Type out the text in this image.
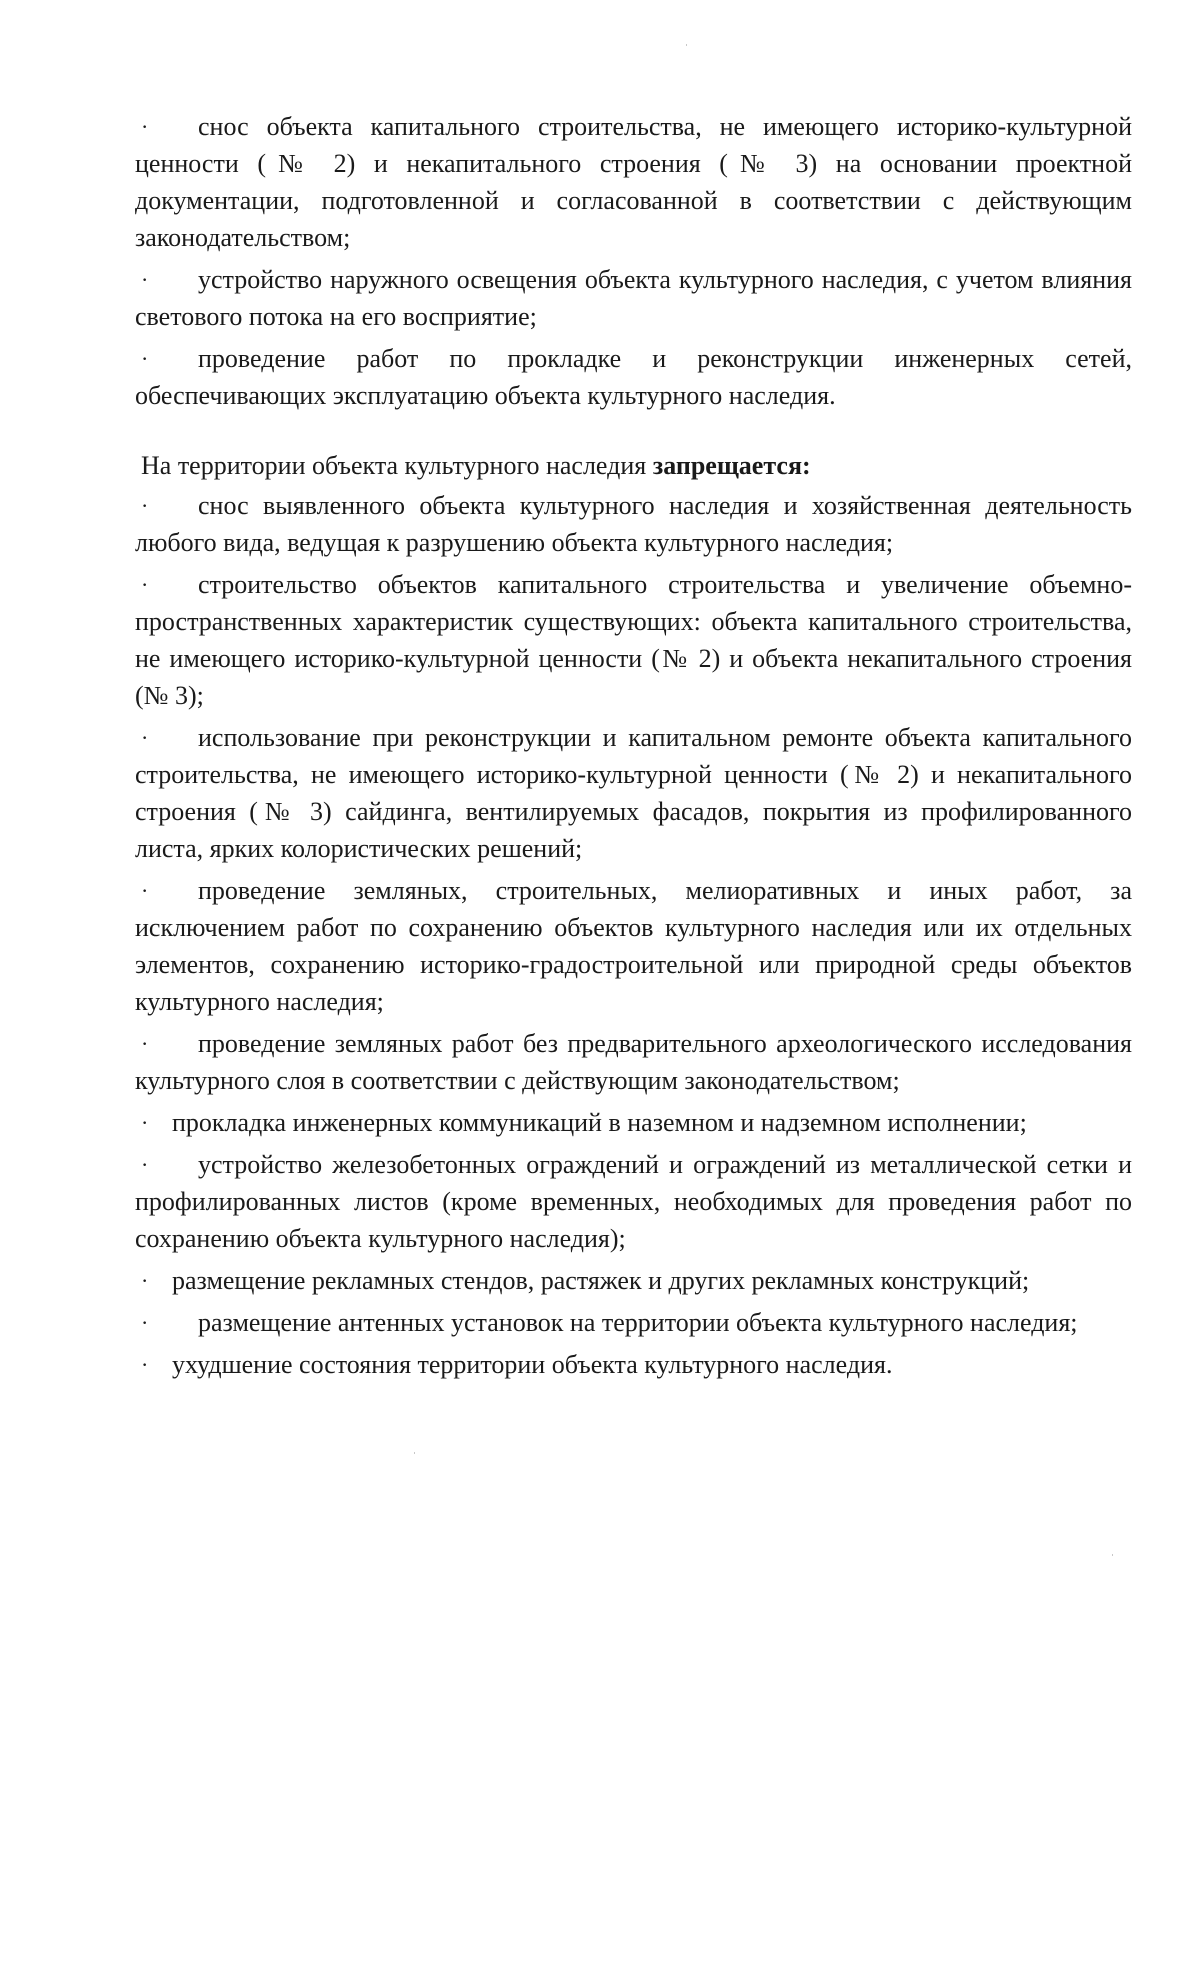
· снос объекта капитального строительства, не имеющего историко-культурной ценности (№ 2) и некапитального строения (№ 3) на основании проектной документации, подготовленной и согласованной в соответствии с действующим законодательством;

· устройство наружного освещения объекта культурного наследия, с учетом влияния светового потока на его восприятие;

· проведение работ по прокладке и реконструкции инженерных сетей, обеспечивающих эксплуатацию объекта культурного наследия.

На территории объекта культурного наследия запрещается:

· снос выявленного объекта культурного наследия и хозяйственная деятельность любого вида, ведущая к разрушению объекта культурного наследия;

· строительство объектов капитального строительства и увеличение объемно-пространственных характеристик существующих: объекта капитального строительства, не имеющего историко-культурной ценности (№ 2) и объекта некапитального строения (№ 3);

· использование при реконструкции и капитальном ремонте объекта капитального строительства, не имеющего историко-культурной ценности (№ 2) и некапитального строения (№ 3) сайдинга, вентилируемых фасадов, покрытия из профилированного листа, ярких колористических решений;

· проведение земляных, строительных, мелиоративных и иных работ, за исключением работ по сохранению объектов культурного наследия или их отдельных элементов, сохранению историко-градостроительной или природной среды объектов культурного наследия;

· проведение земляных работ без предварительного археологического исследования культурного слоя в соответствии с действующим законодательством;

· прокладка инженерных коммуникаций в наземном и надземном исполнении;

· устройство железобетонных ограждений и ограждений из металлической сетки и профилированных листов (кроме временных, необходимых для проведения работ по сохранению объекта культурного наследия);

· размещение рекламных стендов, растяжек и других рекламных конструкций;

· размещение антенных установок на территории объекта культурного наследия;

· ухудшение состояния территории объекта культурного наследия.
